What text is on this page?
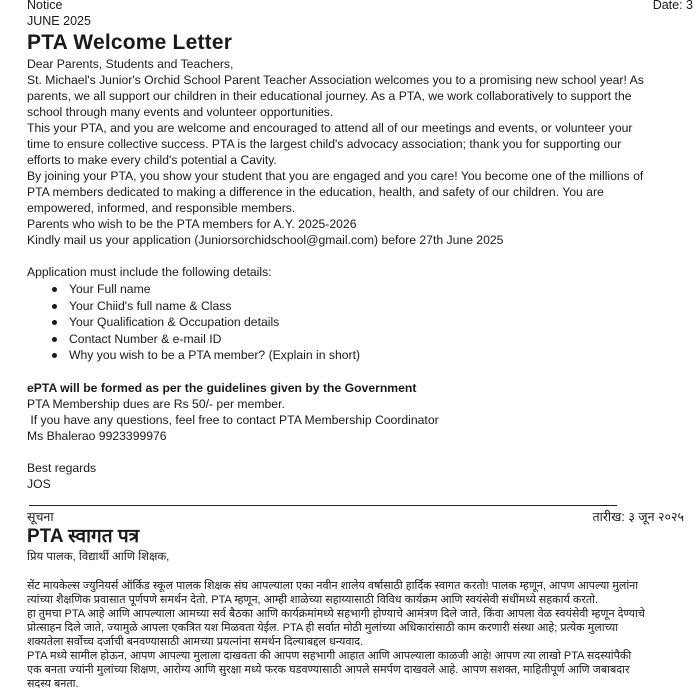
Notice	Date: 3
JUNE 2025
PTA Welcome Letter

Dear Parents, Students and Teachers,

St. Michael's Junior's Orchid School Parent Teacher Association welcomes you to a promising new school year! As

parents, we all support our children in their educational journey. As a PTA, we work collaboratively to support the

school through many events and volunteer opportunities.

This your PTA, and you are welcome and encouraged to attend all of our meetings and events, or volunteer your

time to ensure collective success. PTA is the largest child's advocacy association; thank you for supporting our

efforts to make every child's potential a Cavity.

By joining your PTA, you show your student that you are engaged and you care! You become one of the millions of

PTA members dedicated to making a difference in the education, health, and safety of our children. You are

empowered, informed, and responsible members.

Parents who wish to be the PTA members for A.Y. 2025-2026

Kindly mail us your application (Juniorsorchidschool@gmail.com) before 27th June 2025

Application must include the following details:

Your Full name
Your Chiid's full name & Class
Your Qualification & Occupation details
Contact Number & e-mail ID
Why you wish to be a PTA member? (Explain in short)

ePTA will be formed as per the guidelines given by the Government

PTA Membership dues are Rs 50/- per member.

If you have any questions, feel free to contact PTA Membership Coordinator

Ms Bhalerao 9923399976

Best regards

JOS

सूचना	तारीख: ३ जून २०२५
PTA स्वागत पत्र

प्रिय पालक, विद्यार्थी आणि शिक्षक,

सेंट मायकेल्स ज्युनियर्स ऑर्किड स्कूल पालक शिक्षक संघ आपल्याला एका नवीन शालेय वर्षासाठी हार्दिक स्वागत करतो! पालक म्हणून, आपण आपल्या मुलांना

त्यांच्या शैक्षणिक प्रवासात पूर्णपणे समर्थन देतो. PTA म्हणून, आम्ही शाळेच्या सहाय्यासाठी विविध कार्यक्रम आणि स्वयंसेवी संधींमध्ये सहकार्य करतो.

हा तुमचा PTA आहे आणि आपल्याला आमच्या सर्व बैठका आणि कार्यक्रमांमध्ये सहभागी होण्याचे आमंत्रण दिले जाते, किंवा आपला वेळ स्वयंसेवी म्हणून देण्याचे

प्रोत्साहन दिले जाते, ज्यामुळे आपला एकत्रित यश मिळवता येईल. PTA ही सर्वात मोठी मुलांच्या अधिकारांसाठी काम करणारी संस्था आहे; प्रत्येक मुलाच्या

शक्यतेला सर्वोच्च दर्जाची बनवण्यासाठी आमच्या प्रयत्नांना समर्थन दिल्याबद्दल धन्यवाद.

PTA मध्ये सामील होऊन, आपण आपल्या मुलाला दाखवता की आपण सहभागी आहात आणि आपल्याला काळजी आहे! आपण त्या लाखो PTA सदस्यांपैकी

एक बनता ज्यांनी मुलांच्या शिक्षण, आरोग्य आणि सुरक्षा मध्ये फरक घडवण्यासाठी आपले समर्पण दाखवले आहे. आपण सशक्त, माहितीपूर्ण आणि जबाबदार

सदस्य बनता.
